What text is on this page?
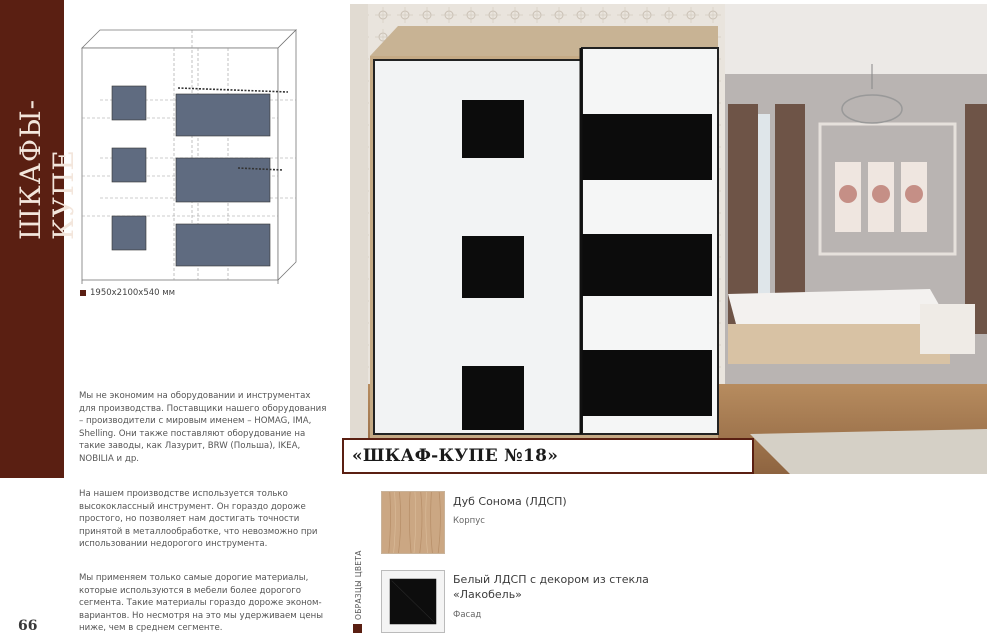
ШКАФЫ-КУПЕ
1950х2100х540 мм
Мы не экономим на оборудовании и инструментах для производства. Поставщики нашего оборудования – производители с мировым именем – HOMAG, IMA, Shelling. Они также поставляют оборудование на такие заводы, как Лазурит, BRW (Польша), IKEA, NOBILIA и др.
На нашем производстве используется только высококлассный инструмент. Он гораздо дороже простого, но позволяет нам достигать точности принятой в металлообработке, что невозможно при использовании недорогого инструмента.
Мы применяем только самые дорогие материалы, которые используются в мебели более дорогого сегмента. Такие материалы гораздо дороже эконом-вариантов. Но несмотря на это мы удерживаем цены ниже, чем в среднем сегменте.
66
«ШКАФ-КУПЕ №18»
ОБРАЗЦЫ ЦВЕТА
Дуб Сонома (ЛДСП)
Корпус
Белый ЛДСП с декором из стекла «Лакобель»
Фасад
